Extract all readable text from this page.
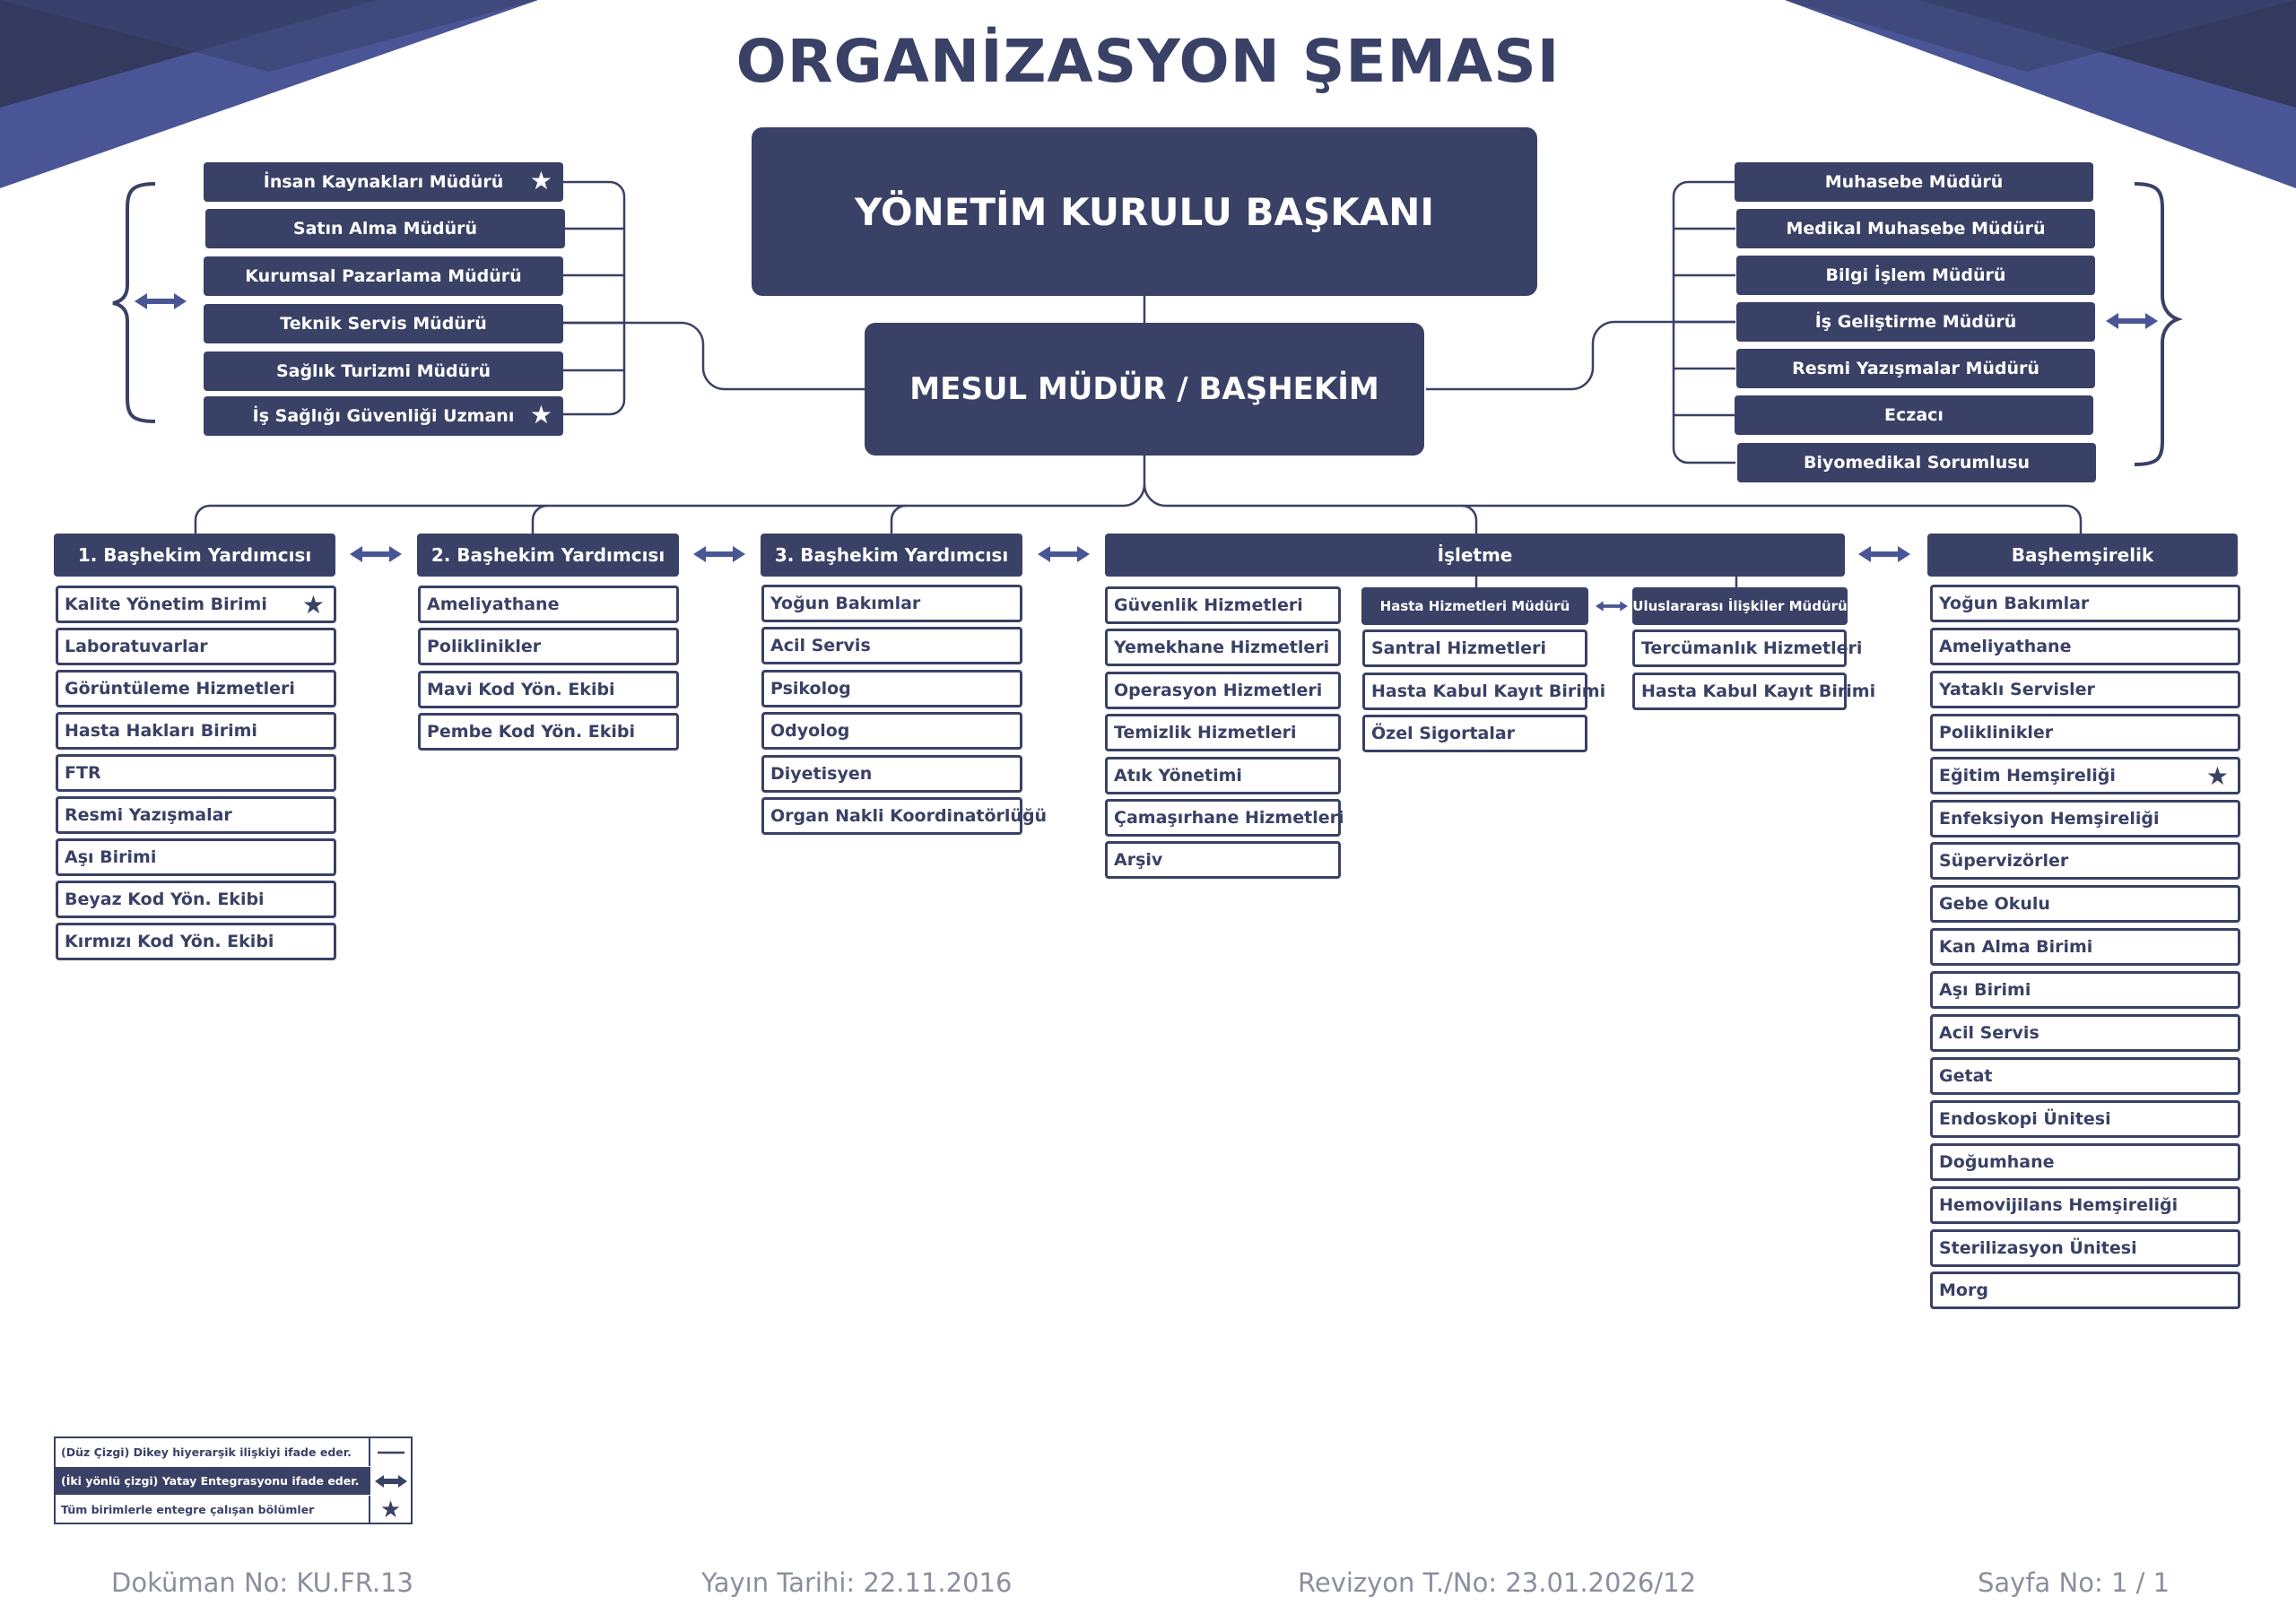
ORGANİZASYON ŞEMASI
YÖNETİM KURULU BAŞKANI
MESUL MÜDÜR / BAŞHEKİM
İnsan Kaynakları Müdürü ★
Satın Alma Müdürü
Kurumsal Pazarlama Müdürü
Teknik Servis Müdürü
Sağlık Turizmi Müdürü
İş Sağlığı Güvenliği Uzmanı ★
Muhasebe Müdürü
Medikal Muhasebe Müdürü
Bilgi İşlem Müdürü
İş Geliştirme Müdürü
Resmi Yazışmalar Müdürü
Eczacı
Biyomedikal Sorumlusu
1. Başhekim Yardımcısı	2. Başhekim Yardımcısı	3. Başhekim Yardımcısı	İşletme	Başhemşirelik
Hasta Hizmetleri Müdürü	Uluslararası İlişkiler Müdürü
Kalite Yönetim Birimi ★
Laboratuvarlar
Görüntüleme Hizmetleri
Hasta Hakları Birimi
FTR
Resmi Yazışmalar
Aşı Birimi
Beyaz Kod Yön. Ekibi
Kırmızı Kod Yön. Ekibi
Ameliyathane
Poliklinikler
Mavi Kod Yön. Ekibi
Pembe Kod Yön. Ekibi
Yoğun Bakımlar
Acil Servis
Psikolog
Odyolog
Diyetisyen
Organ Nakli Koordinatörlüğü
Güvenlik Hizmetleri
Yemekhane Hizmetleri
Operasyon Hizmetleri
Temizlik Hizmetleri
Atık Yönetimi
Çamaşırhane Hizmetleri
Arşiv
Santral Hizmetleri
Hasta Kabul Kayıt Birimi
Özel Sigortalar
Tercümanlık Hizmetleri
Hasta Kabul Kayıt Birimi
Yoğun Bakımlar
Ameliyathane
Yataklı Servisler
Poliklinikler
Eğitim Hemşireliği	★
Enfeksiyon Hemşireliği
Süpervizörler
Gebe Okulu
Kan Alma Birimi
Aşı Birimi
Acil Servis
Getat
Endoskopi Ünitesi
Doğumhane
Hemovijilans Hemşireliği
Sterilizasyon Ünitesi
Morg
(Düz Çizgi) Dikey hiyerarşik ilişkiyi ifade eder.
(İki yönlü çizgi) Yatay Entegrasyonu ifade eder.
Tüm birimlerle entegre çalışan bölümler	★
Doküman No: KU.FR.13	Yayın Tarihi: 22.11.2016	Revizyon T./No: 23.01.2026/12	Sayfa No: 1 / 1
